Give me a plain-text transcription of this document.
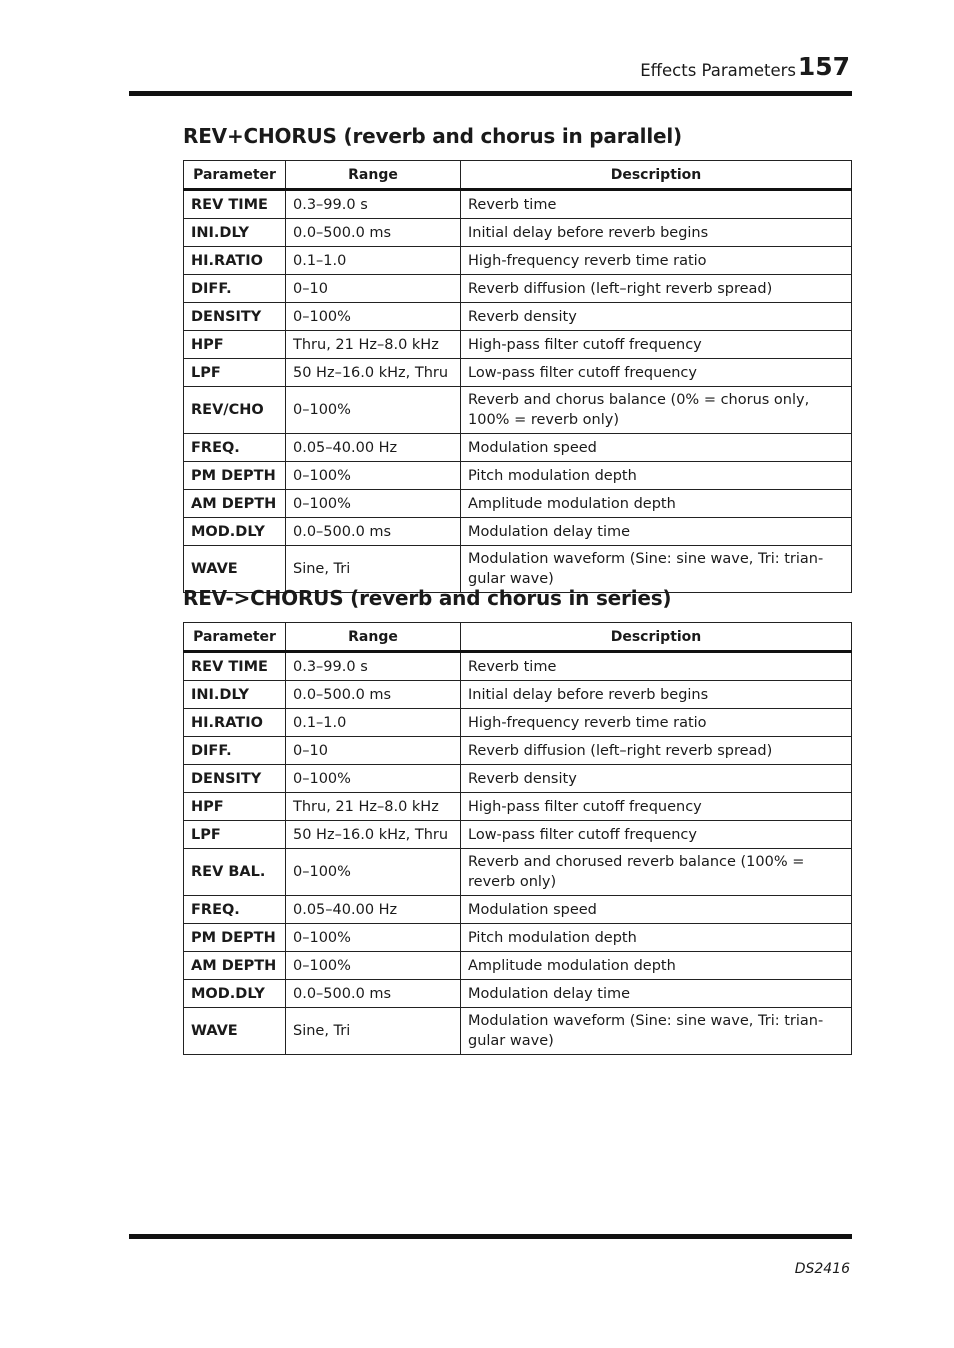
Effects Parameters 157
REV+CHORUS (reverb and chorus in parallel)
Parameter	Range	Description
REV TIME	0.3–99.0 s	Reverb time
INI.DLY	0.0–500.0 ms	Initial delay before reverb begins
HI.RATIO	0.1–1.0	High-frequency reverb time ratio
DIFF.	0–10	Reverb diffusion (left–right reverb spread)
DENSITY	0–100%	Reverb density
HPF	Thru, 21 Hz–8.0 kHz	High-pass filter cutoff frequency
LPF	50 Hz–16.0 kHz, Thru	Low-pass filter cutoff frequency
REV/CHO	0–100%	Reverb and chorus balance (0% = chorus only, 100% = reverb only)
FREQ.	0.05–40.00 Hz	Modulation speed
PM DEPTH	0–100%	Pitch modulation depth
AM DEPTH	0–100%	Amplitude modulation depth
MOD.DLY	0.0–500.0 ms	Modulation delay time
WAVE	Sine, Tri	Modulation waveform (Sine: sine wave, Tri: trian-gular wave)
REV->CHORUS (reverb and chorus in series)
Parameter	Range	Description
REV TIME	0.3–99.0 s	Reverb time
INI.DLY	0.0–500.0 ms	Initial delay before reverb begins
HI.RATIO	0.1–1.0	High-frequency reverb time ratio
DIFF.	0–10	Reverb diffusion (left–right reverb spread)
DENSITY	0–100%	Reverb density
HPF	Thru, 21 Hz–8.0 kHz	High-pass filter cutoff frequency
LPF	50 Hz–16.0 kHz, Thru	Low-pass filter cutoff frequency
REV BAL.	0–100%	Reverb and chorused reverb balance (100% = reverb only)
FREQ.	0.05–40.00 Hz	Modulation speed
PM DEPTH	0–100%	Pitch modulation depth
AM DEPTH	0–100%	Amplitude modulation depth
MOD.DLY	0.0–500.0 ms	Modulation delay time
WAVE	Sine, Tri	Modulation waveform (Sine: sine wave, Tri: trian-gular wave)
DS2416
